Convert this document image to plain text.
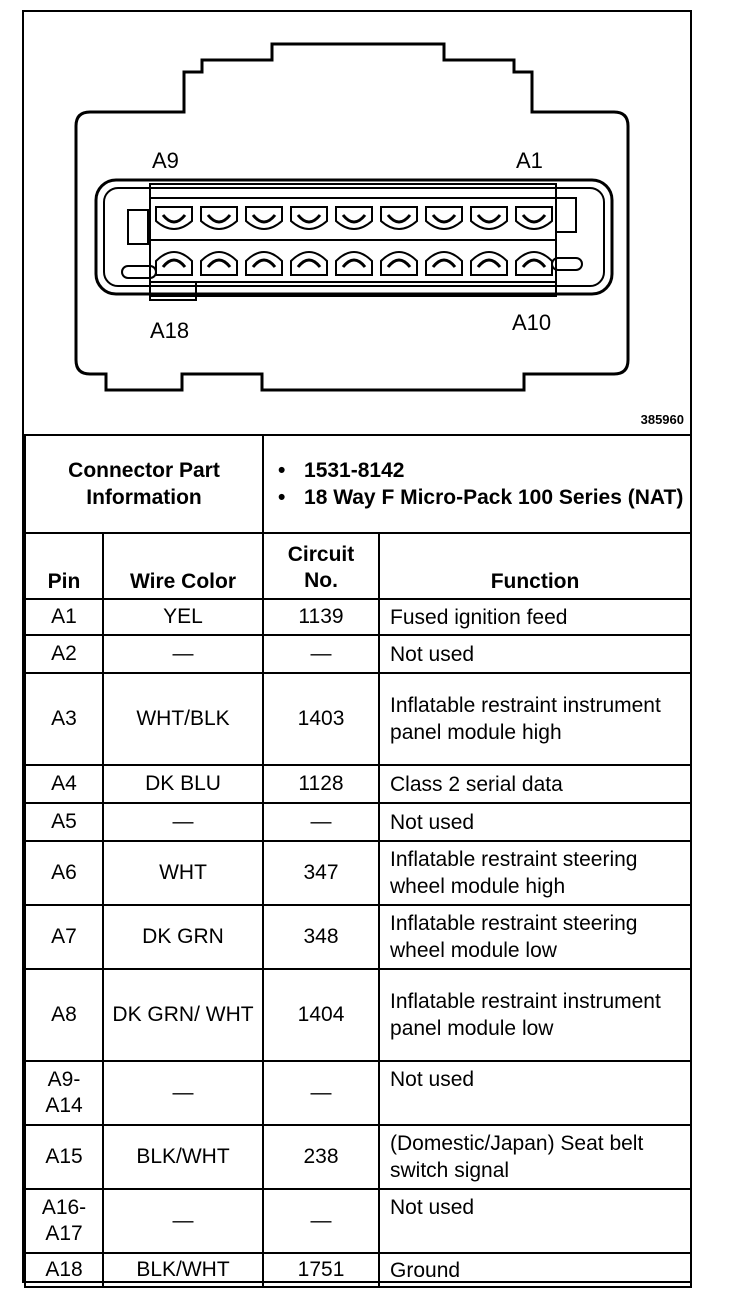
A9	A1
A18	A10
385960
Connector Part Information		• 1531-8142
• 18 Way F Micro-Pack 100 Series (NAT)	

Pin	Wire Color	Circuit No.	Function
A1	YEL	1139	Fused ignition feed
A2	—	—	Not used
A3	WHT/BLK	1403	Inflatable restraint instrument panel module high
A4	DK BLU	1128	Class 2 serial data
A5	—	—	Not used
A6	WHT	347	Inflatable restraint steering wheel module high
A7	DK GRN	348	Inflatable restraint steering wheel module low
A8	DK GRN/ WHT	1404	Inflatable restraint instrument panel module low
A9- A14	—	—	Not used
A15	BLK/WHT	238	(Domestic/Japan) Seat belt switch signal
A16- A17	—	—	Not used
A18	BLK/WHT	1751	Ground
